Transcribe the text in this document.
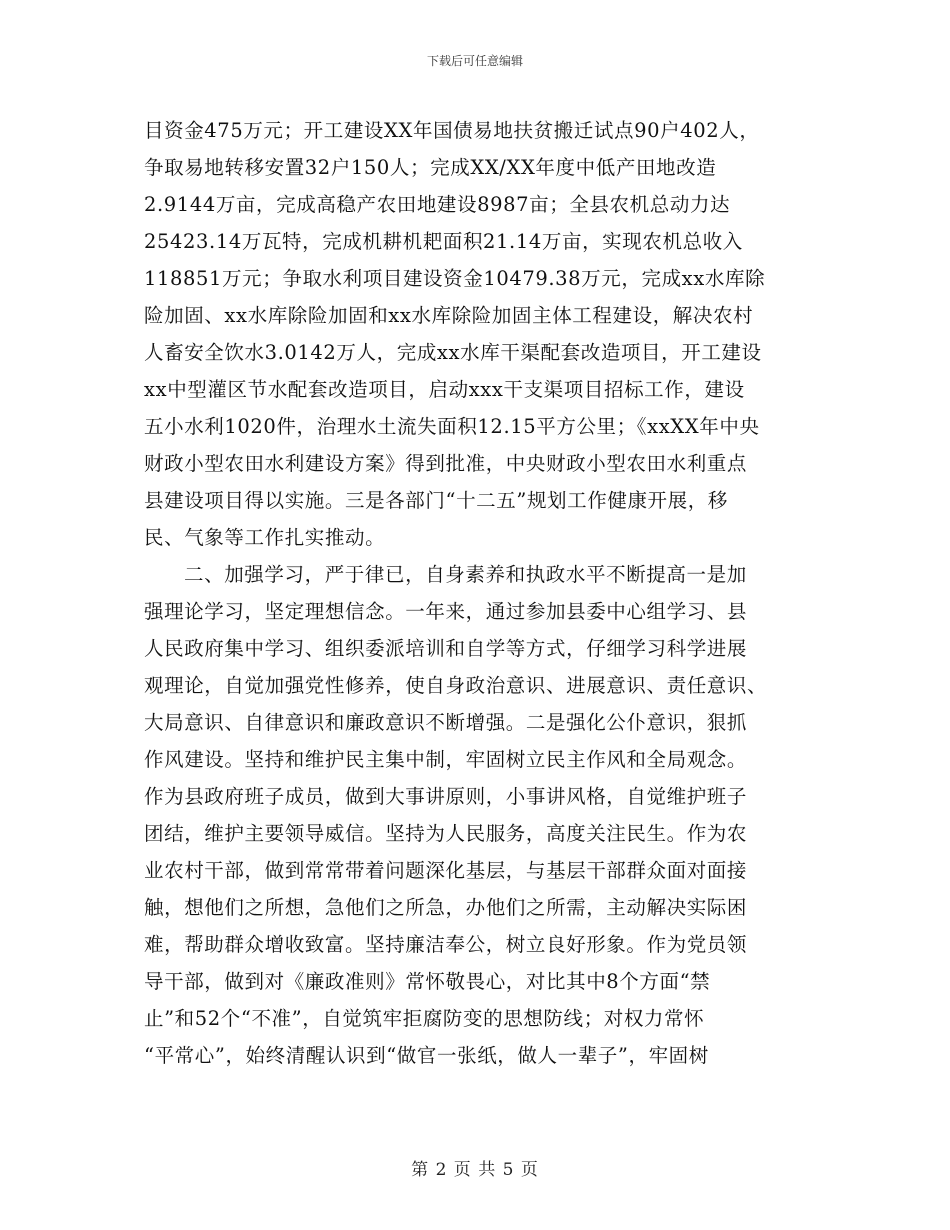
下载后可任意编辑
目资金475万元；开工建设XX年国债易地扶贫搬迁试点90户402人，
争取易地转移安置32户150人；完成XX/XX年度中低产田地改造
2.9144万亩，完成高稳产农田地建设8987亩；全县农机总动力达
25423.14万瓦特，完成机耕机耙面积21.14万亩，实现农机总收入
118851万元；争取水利项目建设资金10479.38万元，完成xx水库除
险加固、xx水库除险加固和xx水库除险加固主体工程建设，解决农村
人畜安全饮水3.0142万人，完成xx水库干渠配套改造项目，开工建设
xx中型灌区节水配套改造项目，启动xxx干支渠项目招标工作，建设
五小水利1020件，治理水土流失面积12.15平方公里；《xxXX年中央
财政小型农田水利建设方案》得到批准，中央财政小型农田水利重点
县建设项目得以实施。三是各部门“十二五”规划工作健康开展，移
民、气象等工作扎实推动。
二、加强学习，严于律已，自身素养和执政水平不断提高一是加
强理论学习，坚定理想信念。一年来，通过参加县委中心组学习、县
人民政府集中学习、组织委派培训和自学等方式，仔细学习科学进展
观理论，自觉加强党性修养，使自身政治意识、进展意识、责任意识、
大局意识、自律意识和廉政意识不断增强。二是强化公仆意识，狠抓
作风建设。坚持和维护民主集中制，牢固树立民主作风和全局观念。
作为县政府班子成员，做到大事讲原则，小事讲风格，自觉维护班子
团结，维护主要领导威信。坚持为人民服务，高度关注民生。作为农
业农村干部，做到常常带着问题深化基层，与基层干部群众面对面接
触，想他们之所想，急他们之所急，办他们之所需，主动解决实际困
难，帮助群众增收致富。坚持廉洁奉公，树立良好形象。作为党员领
导干部，做到对《廉政准则》常怀敬畏心，对比其中8个方面“禁
止”和52个“不准”，自觉筑牢拒腐防变的思想防线；对权力常怀
“平常心”，始终清醒认识到“做官一张纸，做人一辈子”，牢固树
第 2 页 共 5 页
